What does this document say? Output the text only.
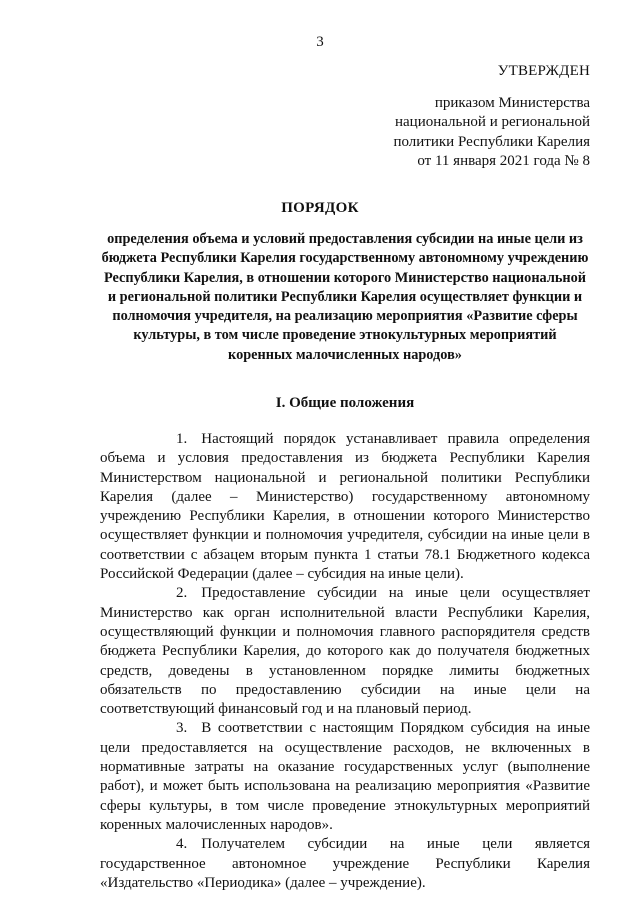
3
УТВЕРЖДЕН
приказом Министерства
национальной и региональной
политики Республики Карелия
от 11 января 2021 года № 8
ПОРЯДОК
определения объема и условий предоставления субсидии на иные цели из бюджета Республики Карелия государственному автономному учреждению Республики Карелия, в отношении которого Министерство национальной и региональной политики Республики Карелия осуществляет функции и полномочия учредителя, на реализацию мероприятия «Развитие сферы культуры, в том числе проведение этнокультурных мероприятий коренных малочисленных народов»
I. Общие положения

1. Настоящий порядок устанавливает правила определения объема и условия предоставления из бюджета Республики Карелия Министерством национальной и региональной политики Республики Карелия (далее – Министерство) государственному автономному учреждению Республики Карелия, в отношении которого Министерство осуществляет функции и полномочия учредителя, субсидии на иные цели в соответствии с абзацем вторым пункта 1 статьи 78.1 Бюджетного кодекса Российской Федерации (далее – субсидия на иные цели).

2. Предоставление субсидии на иные цели осуществляет Министерство как орган исполнительной власти Республики Карелия, осуществляющий функции и полномочия главного распорядителя средств бюджета Республики Карелия, до которого как до получателя бюджетных средств, доведены в установленном порядке лимиты бюджетных обязательств по предоставлению субсидии на иные цели на соответствующий финансовый год и на плановый период.

3. В соответствии с настоящим Порядком субсидия на иные цели предоставляется на осуществление расходов, не включенных в нормативные затраты на оказание государственных услуг (выполнение работ), и может быть использована на реализацию мероприятия «Развитие сферы культуры, в том числе проведение этнокультурных мероприятий коренных малочисленных народов».

4. Получателем субсидии на иные цели является государственное автономное учреждение Республики Карелия «Издательство «Периодика» (далее – учреждение).
